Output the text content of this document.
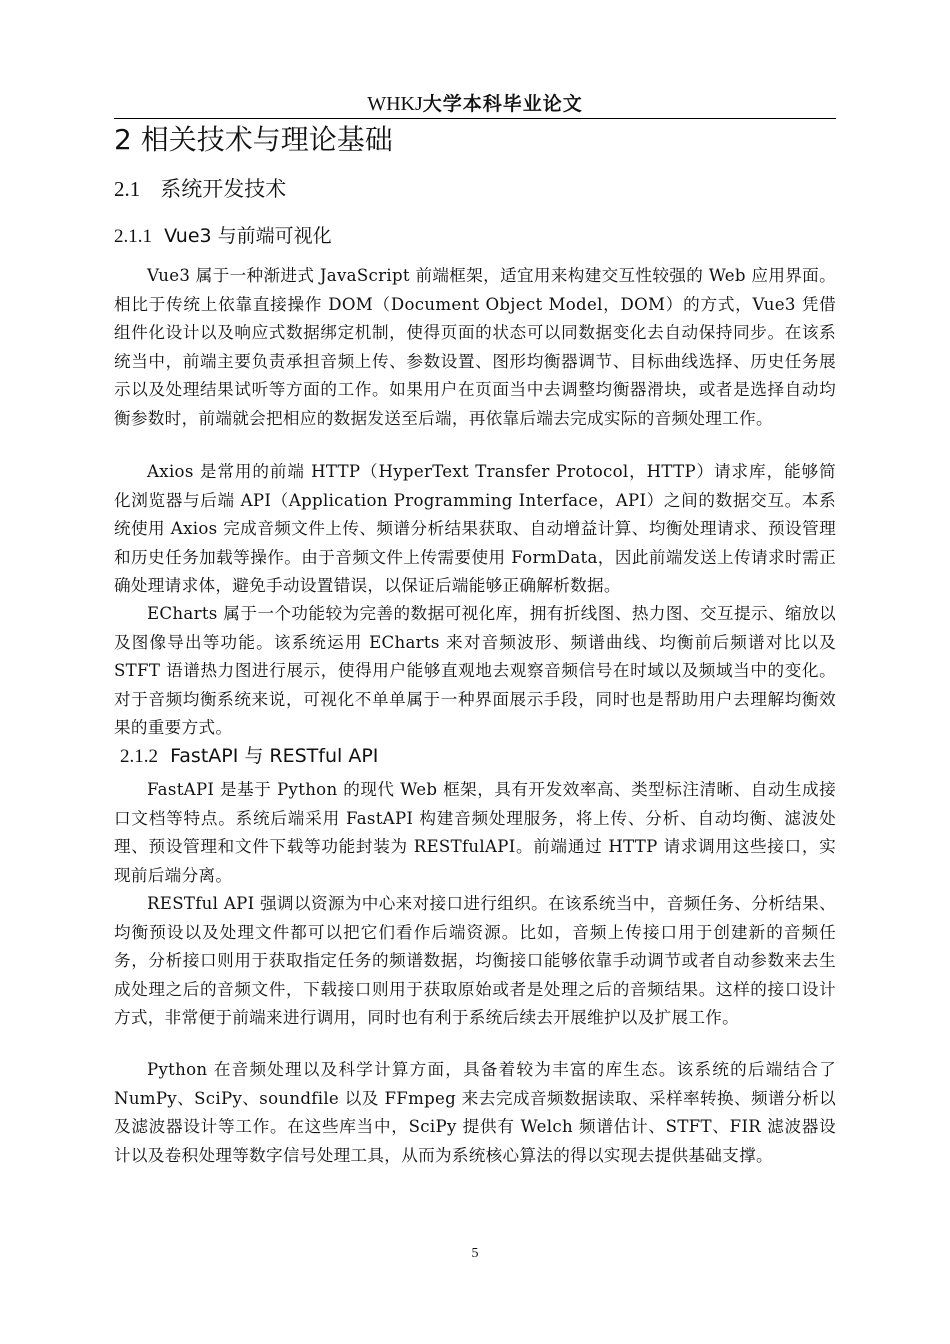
WHKJ大学本科毕业论文
2 相关技术与理论基础
2.1 系统开发技术
2.1.1 Vue3 与前端可视化

Vue3 属于一种渐进式 JavaScript 前端框架，适宜用来构建交互性较强的 Web 应用界面。相比于传统上依靠直接操作 DOM（Document Object Model，DOM）的方式，Vue3 凭借组件化设计以及响应式数据绑定机制，使得页面的状态可以同数据变化去自动保持同步。在该系统当中，前端主要负责承担音频上传、参数设置、图形均衡器调节、目标曲线选择、历史任务展示以及处理结果试听等方面的工作。如果用户在页面当中去调整均衡器滑块，或者是选择自动均衡参数时，前端就会把相应的数据发送至后端，再依靠后端去完成实际的音频处理工作。

Axios 是常用的前端 HTTP（HyperText Transfer Protocol，HTTP）请求库，能够简化浏览器与后端 API（Application Programming Interface，API）之间的数据交互。本系统使用 Axios 完成音频文件上传、频谱分析结果获取、自动增益计算、均衡处理请求、预设管理和历史任务加载等操作。由于音频文件上传需要使用 FormData，因此前端发送上传请求时需正确处理请求体，避免手动设置错误，以保证后端能够正确解析数据。

ECharts 属于一个功能较为完善的数据可视化库，拥有折线图、热力图、交互提示、缩放以及图像导出等功能。该系统运用 ECharts 来对音频波形、频谱曲线、均衡前后频谱对比以及 STFT 语谱热力图进行展示，使得用户能够直观地去观察音频信号在时域以及频域当中的变化。对于音频均衡系统来说，可视化不单单属于一种界面展示手段，同时也是帮助用户去理解均衡效果的重要方式。

2.1.2 FastAPI 与 RESTful API

FastAPI 是基于 Python 的现代 Web 框架，具有开发效率高、类型标注清晰、自动生成接口文档等特点。系统后端采用 FastAPI 构建音频处理服务，将上传、分析、自动均衡、滤波处理、预设管理和文件下载等功能封装为 RESTfulAPI。前端通过 HTTP 请求调用这些接口，实现前后端分离。

RESTful API 强调以资源为中心来对接口进行组织。在该系统当中，音频任务、分析结果、均衡预设以及处理文件都可以把它们看作后端资源。比如，音频上传接口用于创建新的音频任务，分析接口则用于获取指定任务的频谱数据，均衡接口能够依靠手动调节或者自动参数来去生成处理之后的音频文件，下载接口则用于获取原始或者是处理之后的音频结果。这样的接口设计方式，非常便于前端来进行调用，同时也有利于系统后续去开展维护以及扩展工作。

Python 在音频处理以及科学计算方面，具备着较为丰富的库生态。该系统的后端结合了 NumPy、SciPy、soundfile 以及 FFmpeg 来去完成音频数据读取、采样率转换、频谱分析以及滤波器设计等工作。在这些库当中，SciPy 提供有 Welch 频谱估计、STFT、FIR 滤波器设计以及卷积处理等数字信号处理工具，从而为系统核心算法的得以实现去提供基础支撑。

5
